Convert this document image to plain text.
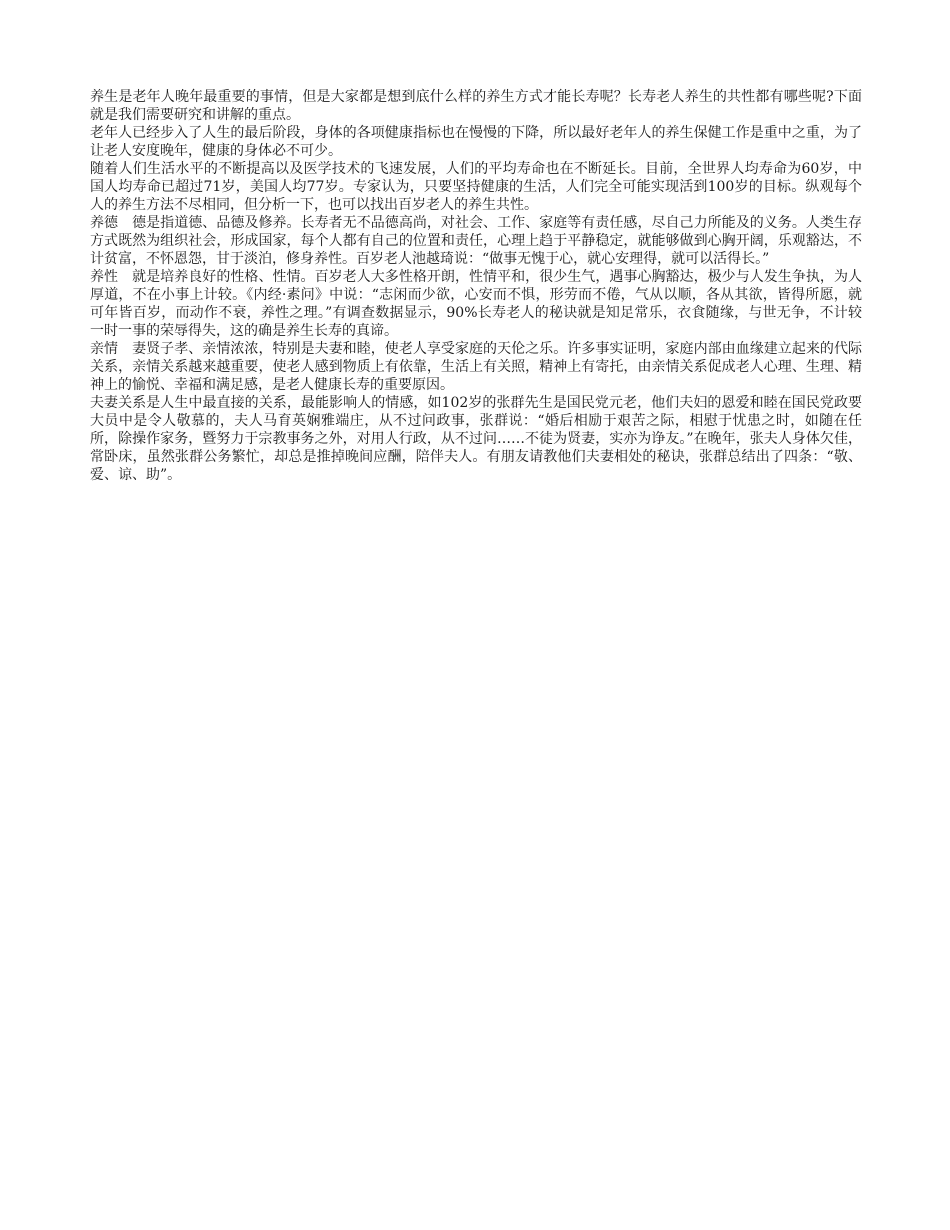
养生是老年人晚年最重要的事情，但是大家都是想到底什么样的养生方式才能长寿呢？长寿老人养生的共性都有哪些呢?下面就是我们需要研究和讲解的重点。

老年人已经步入了人生的最后阶段，身体的各项健康指标也在慢慢的下降，所以最好老年人的养生保健工作是重中之重，为了让老人安度晚年，健康的身体必不可少。

随着人们生活水平的不断提高以及医学技术的飞速发展，人们的平均寿命也在不断延长。目前，全世界人均寿命为60岁，中国人均寿命已超过71岁，美国人均77岁。专家认为，只要坚持健康的生活，人们完全可能实现活到100岁的目标。纵观每个人的养生方法不尽相同，但分析一下，也可以找出百岁老人的养生共性。

养德　德是指道德、品德及修养。长寿者无不品德高尚，对社会、工作、家庭等有责任感，尽自己力所能及的义务。人类生存方式既然为组织社会，形成国家，每个人都有自己的位置和责任，心理上趋于平静稳定，就能够做到心胸开阔，乐观豁达，不计贫富，不怀恩怨，甘于淡泊，修身养性。百岁老人池越琦说：“做事无愧于心，就心安理得，就可以活得长。”

养性　就是培养良好的性格、性情。百岁老人大多性格开朗，性情平和，很少生气，遇事心胸豁达，极少与人发生争执，为人厚道，不在小事上计较。《内经·素问》中说：“志闲而少欲，心安而不惧，形劳而不倦，气从以顺，各从其欲，皆得所愿，就可年皆百岁，而动作不衰，养性之理。”有调查数据显示，90%长寿老人的秘诀就是知足常乐，衣食随缘，与世无争，不计较一时一事的荣辱得失，这的确是养生长寿的真谛。

亲情　妻贤子孝、亲情浓浓，特别是夫妻和睦，使老人享受家庭的天伦之乐。许多事实证明，家庭内部由血缘建立起来的代际关系，亲情关系越来越重要，使老人感到物质上有依靠，生活上有关照，精神上有寄托，由亲情关系促成老人心理、生理、精神上的愉悦、幸福和满足感，是老人健康长寿的重要原因。

夫妻关系是人生中最直接的关系，最能影响人的情感，如102岁的张群先生是国民党元老，他们夫妇的恩爱和睦在国民党政要大员中是令人敬慕的，夫人马育英娴雅端庄，从不过问政事，张群说：“婚后相励于艰苦之际，相慰于忧患之时，如随在任所，除操作家务，暨努力于宗教事务之外，对用人行政，从不过问……不徒为贤妻，实亦为诤友。”在晚年，张夫人身体欠佳，常卧床，虽然张群公务繁忙，却总是推掉晚间应酬，陪伴夫人。有朋友请教他们夫妻相处的秘诀，张群总结出了四条：“敬、爱、谅、助”。
